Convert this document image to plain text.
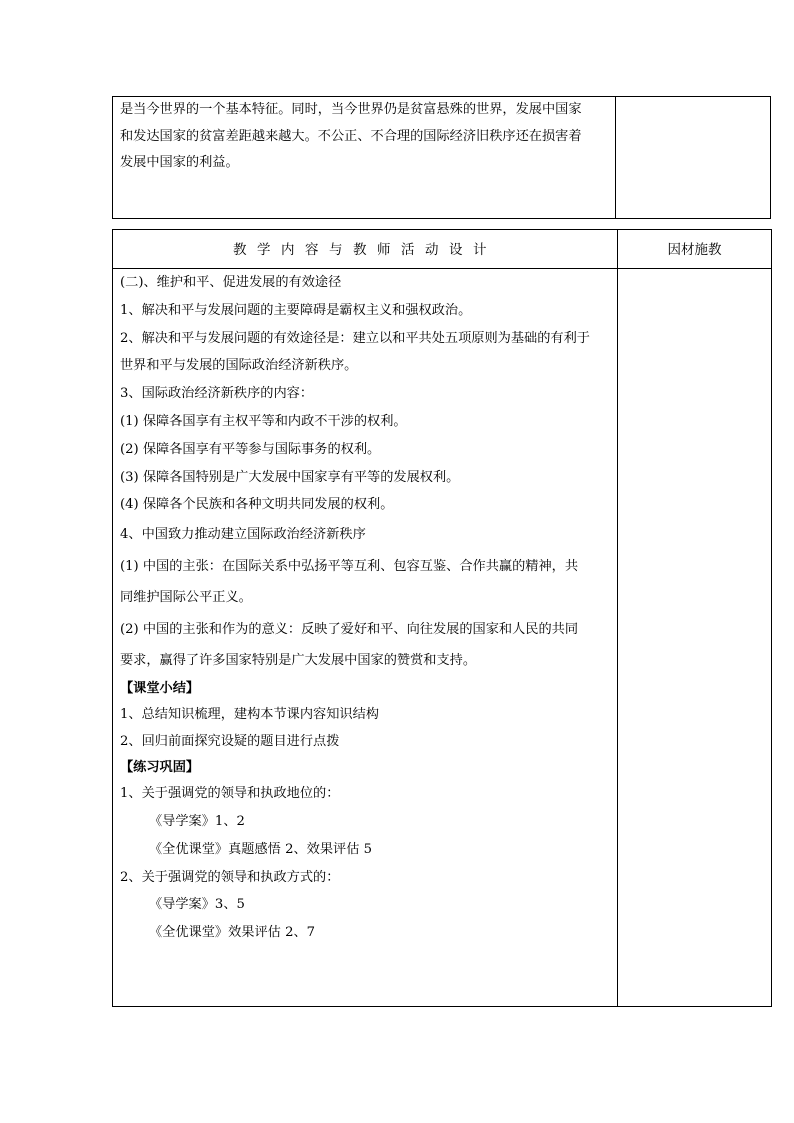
是当今世界的一个基本特征。同时，当今世界仍是贫富悬殊的世界，发展中国家
和发达国家的贫富差距越来越大。不公正、不合理的国际经济旧秩序还在损害着
发展中国家的利益。
教学内容与教师活动设计	因材施教
(二)、维护和平、促进发展的有效途径
1、解决和平与发展问题的主要障碍是霸权主义和强权政治。
2、解决和平与发展问题的有效途径是：建立以和平共处五项原则为基础的有利于
世界和平与发展的国际政治经济新秩序。
3、国际政治经济新秩序的内容：
(1) 保障各国享有主权平等和内政不干涉的权利。
(2) 保障各国享有平等参与国际事务的权利。
(3) 保障各国特别是广大发展中国家享有平等的发展权利。
(4) 保障各个民族和各种文明共同发展的权利。
4、中国致力推动建立国际政治经济新秩序
(1) 中国的主张：在国际关系中弘扬平等互利、包容互鉴、合作共赢的精神，共
同维护国际公平正义。
(2) 中国的主张和作为的意义：反映了爱好和平、向往发展的国家和人民的共同
要求，赢得了许多国家特别是广大发展中国家的赞赏和支持。
【课堂小结】
1、总结知识梳理，建构本节课内容知识结构
2、回归前面探究设疑的题目进行点拨
【练习巩固】
1、关于强调党的领导和执政地位的：
《导学案》1、2
《全优课堂》真题感悟 2、效果评估 5
2、关于强调党的领导和执政方式的：
《导学案》3、5
《全优课堂》效果评估 2、7
